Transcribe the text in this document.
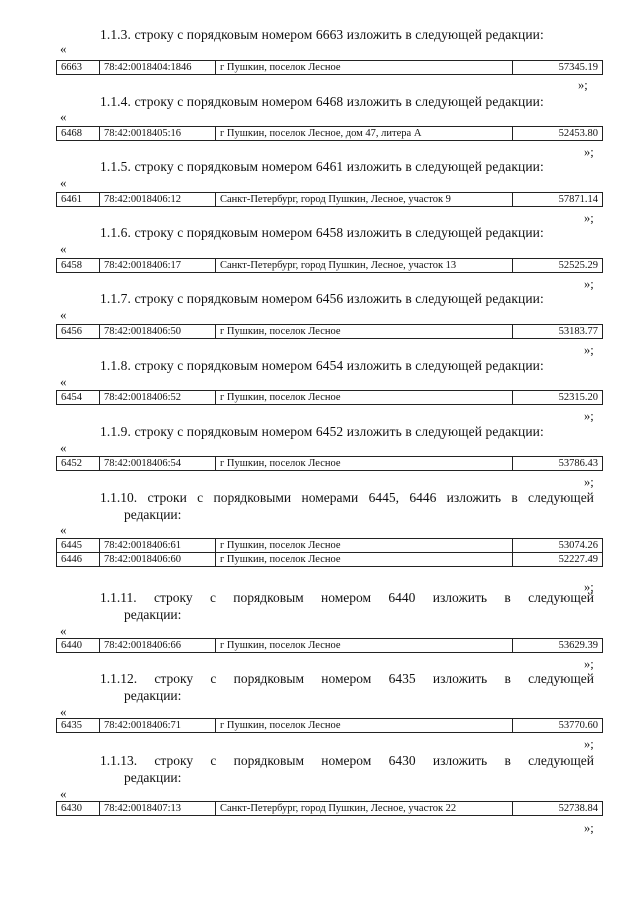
1.1.3. строку с порядковым номером 6663 изложить в следующей редакции:
«
6663	78:42:0018404:1846	г Пушкин, поселок Лесное	57345.19
»;
1.1.4. строку с порядковым номером 6468 изложить в следующей редакции:
«
6468	78:42:0018405:16	г Пушкин, поселок Лесное, дом 47, литера А	52453.80
»;
1.1.5. строку с порядковым номером 6461 изложить в следующей редакции:
«
6461	78:42:0018406:12	Санкт-Петербург, город Пушкин, Лесное, участок 9	57871.14
»;
1.1.6. строку с порядковым номером 6458 изложить в следующей редакции:
«
6458	78:42:0018406:17	Санкт-Петербург, город Пушкин, Лесное, участок 13	52525.29
»;
1.1.7. строку с порядковым номером 6456 изложить в следующей редакции:
«
6456	78:42:0018406:50	г Пушкин, поселок Лесное	53183.77
»;
1.1.8. строку с порядковым номером 6454 изложить в следующей редакции:
«
6454	78:42:0018406:52	г Пушкин, поселок Лесное	52315.20
»;
1.1.9. строку с порядковым номером 6452 изложить в следующей редакции:
«
6452	78:42:0018406:54	г Пушкин, поселок Лесное	53786.43
»;
1.1.10. строки с порядковыми номерами 6445, 6446 изложить в следующей
редакции:
«
6445	78:42:0018406:61	г Пушкин, поселок Лесное	53074.26
6446	78:42:0018406:60	г Пушкин, поселок Лесное	52227.49
»;
1.1.11. строку с порядковым номером 6440 изложить в следующей
редакции:
«
6440	78:42:0018406:66	г Пушкин, поселок Лесное	53629.39
»;
1.1.12. строку с порядковым номером 6435 изложить в следующей
редакции:
«
6435	78:42:0018406:71	г Пушкин, поселок Лесное	53770.60
»;
1.1.13. строку с порядковым номером 6430 изложить в следующей
редакции:
«
6430	78:42:0018407:13	Санкт-Петербург, город Пушкин, Лесное, участок 22	52738.84
»;
